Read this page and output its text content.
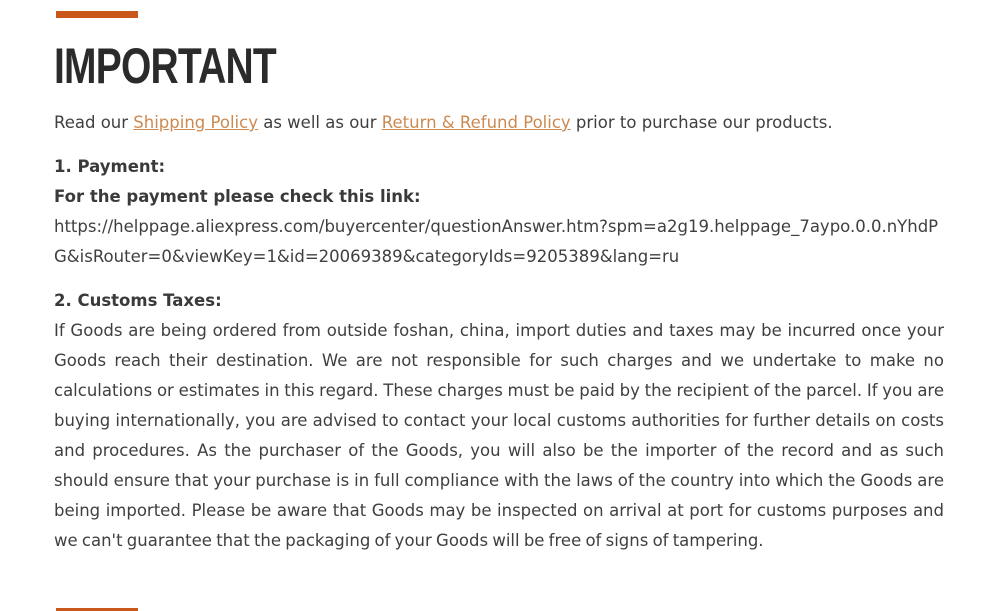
IMPORTANT

Read our Shipping Policy as well as our Return & Refund Policy prior to purchase our products.

1. Payment:

For the payment please check this link:

https://helppage.aliexpress.com/buyercenter/questionAnswer.htm?spm=a2g19.helppage_7aypo.0.0.nYhdPG&isRouter=0&viewKey=1&id=20069389&categoryIds=9205389&lang=ru

2. Customs Taxes:

If Goods are being ordered from outside foshan, china, import duties and taxes may be incurred once your Goods reach their destination. We are not responsible for such charges and we undertake to make no calculations or estimates in this regard. These charges must be paid by the recipient of the parcel. If you are buying internationally, you are advised to contact your local customs authorities for further details on costs and procedures. As the purchaser of the Goods, you will also be the importer of the record and as such should ensure that your purchase is in full compliance with the laws of the country into which the Goods are being imported. Please be aware that Goods may be inspected on arrival at port for customs purposes and we can't guarantee that the packaging of your Goods will be free of signs of tampering.
